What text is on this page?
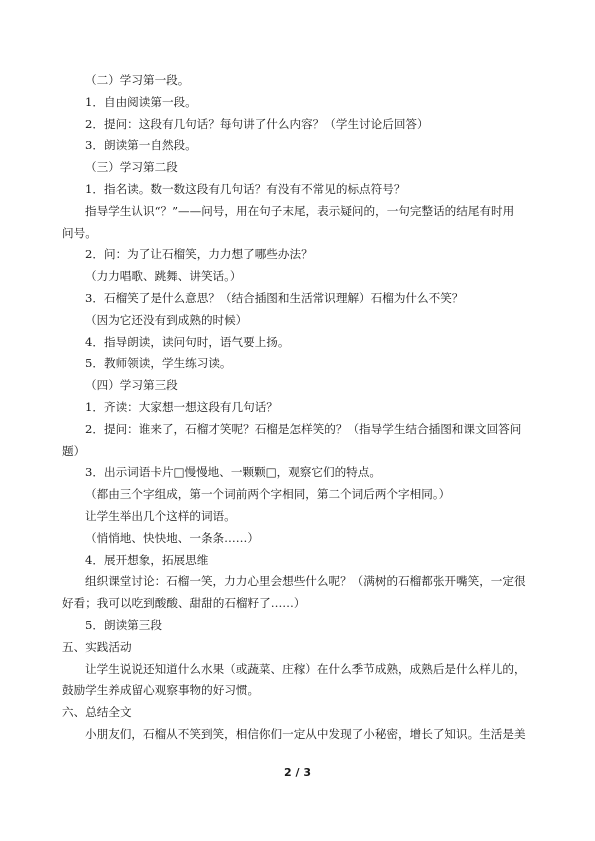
（二）学习第一段。
1．自由阅读第一段。
2．提问：这段有几句话？每句讲了什么内容？（学生讨论后回答）
3．朗读第一自然段。
（三）学习第二段
1．指名读。数一数这段有几句话？有没有不常见的标点符号？
指导学生认识“？”——问号，用在句子末尾，表示疑问的，一句完整话的结尾有时用
问号。
2．问：为了让石榴笑，力力想了哪些办法？
（力力唱歌、跳舞、讲笑话。）
3．石榴笑了是什么意思？（结合插图和生活常识理解）石榴为什么不笑？
（因为它还没有到成熟的时候）
4．指导朗读，读问句时，语气要上扬。
5．教师领读，学生练习读。
（四）学习第三段
1．齐读：大家想一想这段有几句话？
2．提问：谁来了，石榴才笑呢？石榴是怎样笑的？（指导学生结合插图和课文回答问
题）
3．出示词语卡片□慢慢地、一颗颗□，观察它们的特点。
（都由三个字组成，第一个词前两个字相同，第二个词后两个字相同。）
让学生举出几个这样的词语。
（悄悄地、快快地、一条条……）
4．展开想象，拓展思维
组织课堂讨论：石榴一笑，力力心里会想些什么呢？（满树的石榴都张开嘴笑，一定很
好看；我可以吃到酸酸、甜甜的石榴籽了……）
5．朗读第三段
五、实践活动
让学生说说还知道什么水果（或蔬菜、庄稼）在什么季节成熟，成熟后是什么样儿的，
鼓励学生养成留心观察事物的好习惯。
六、总结全文
小朋友们，石榴从不笑到笑，相信你们一定从中发现了小秘密，增长了知识。生活是美
2 / 3
